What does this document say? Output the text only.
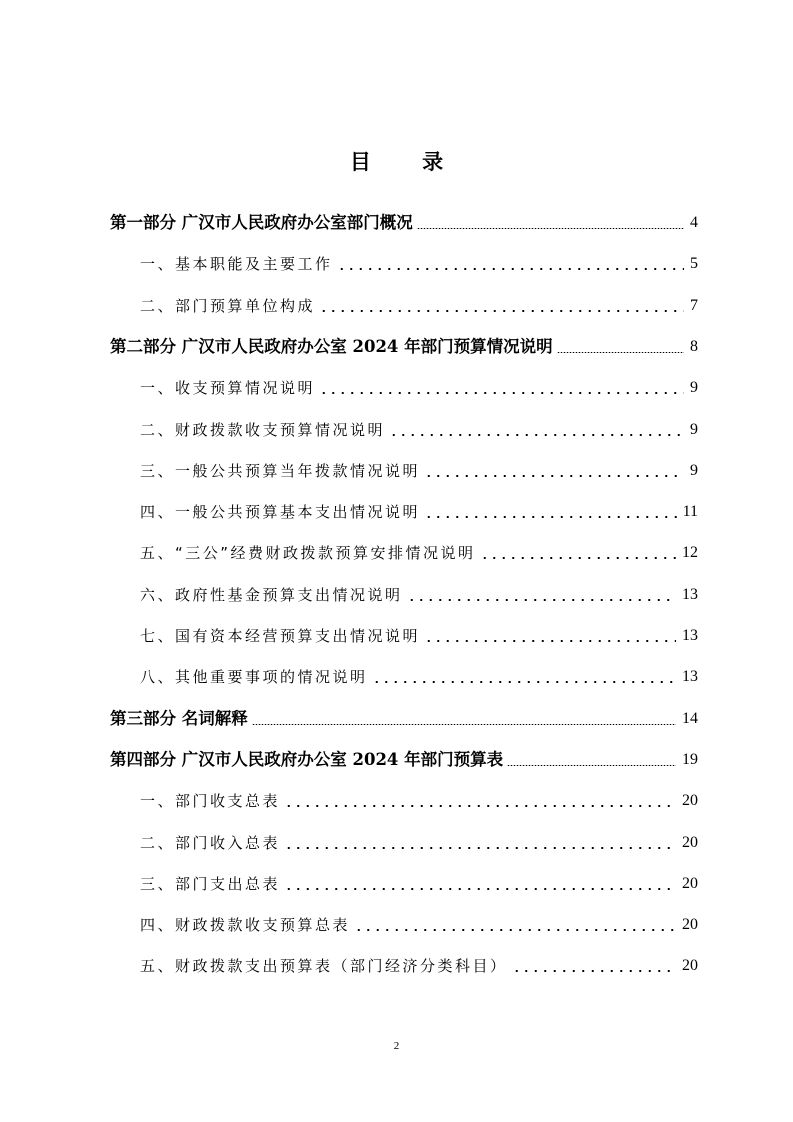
目 录
第一部分 广汉市人民政府办公室部门概况	4
一、基本职能及主要工作	5
二、部门预算单位构成	7
第二部分 广汉市人民政府办公室 2024 年部门预算情况说明	8
一、收支预算情况说明	9
二、财政拨款收支预算情况说明	9
三、一般公共预算当年拨款情况说明	9
四、一般公共预算基本支出情况说明	11
五、“三公”经费财政拨款预算安排情况说明	12
六、政府性基金预算支出情况说明	13
七、国有资本经营预算支出情况说明	13
八、其他重要事项的情况说明	13
第三部分 名词解释	14
第四部分 广汉市人民政府办公室 2024 年部门预算表	19
一、部门收支总表	20
二、部门收入总表	20
三、部门支出总表	20
四、财政拨款收支预算总表	20
五、财政拨款支出预算表（部门经济分类科目）	20
2
